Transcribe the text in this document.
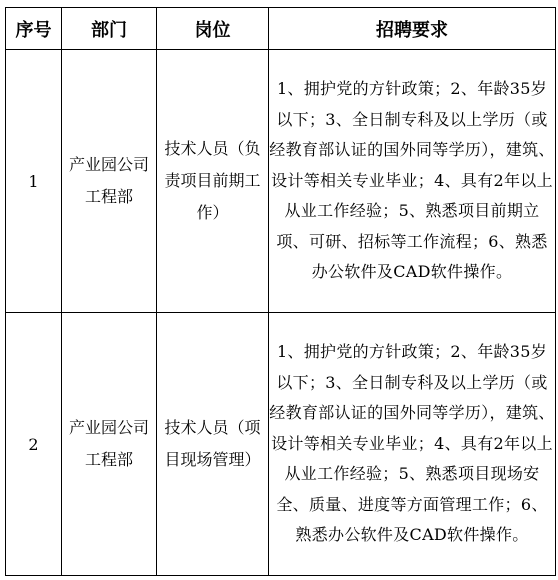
序号	部门	岗位	招聘要求
1	产业园公司工程部	技术人员（负责项目前期工作）	1、拥护党的方针政策；2、年龄35岁以下；3、全日制专科及以上学历（或经教育部认证的国外同等学历），建筑、设计等相关专业毕业；4、具有2年以上从业工作经验；5、熟悉项目前期立项、可研、招标等工作流程；6、熟悉办公软件及CAD软件操作。
2	产业园公司工程部	技术人员（项目现场管理）	1、拥护党的方针政策；2、年龄35岁以下；3、全日制专科及以上学历（或经教育部认证的国外同等学历），建筑、设计等相关专业毕业；4、具有2年以上从业工作经验；5、熟悉项目现场安全、质量、进度等方面管理工作；6、熟悉办公软件及CAD软件操作。
